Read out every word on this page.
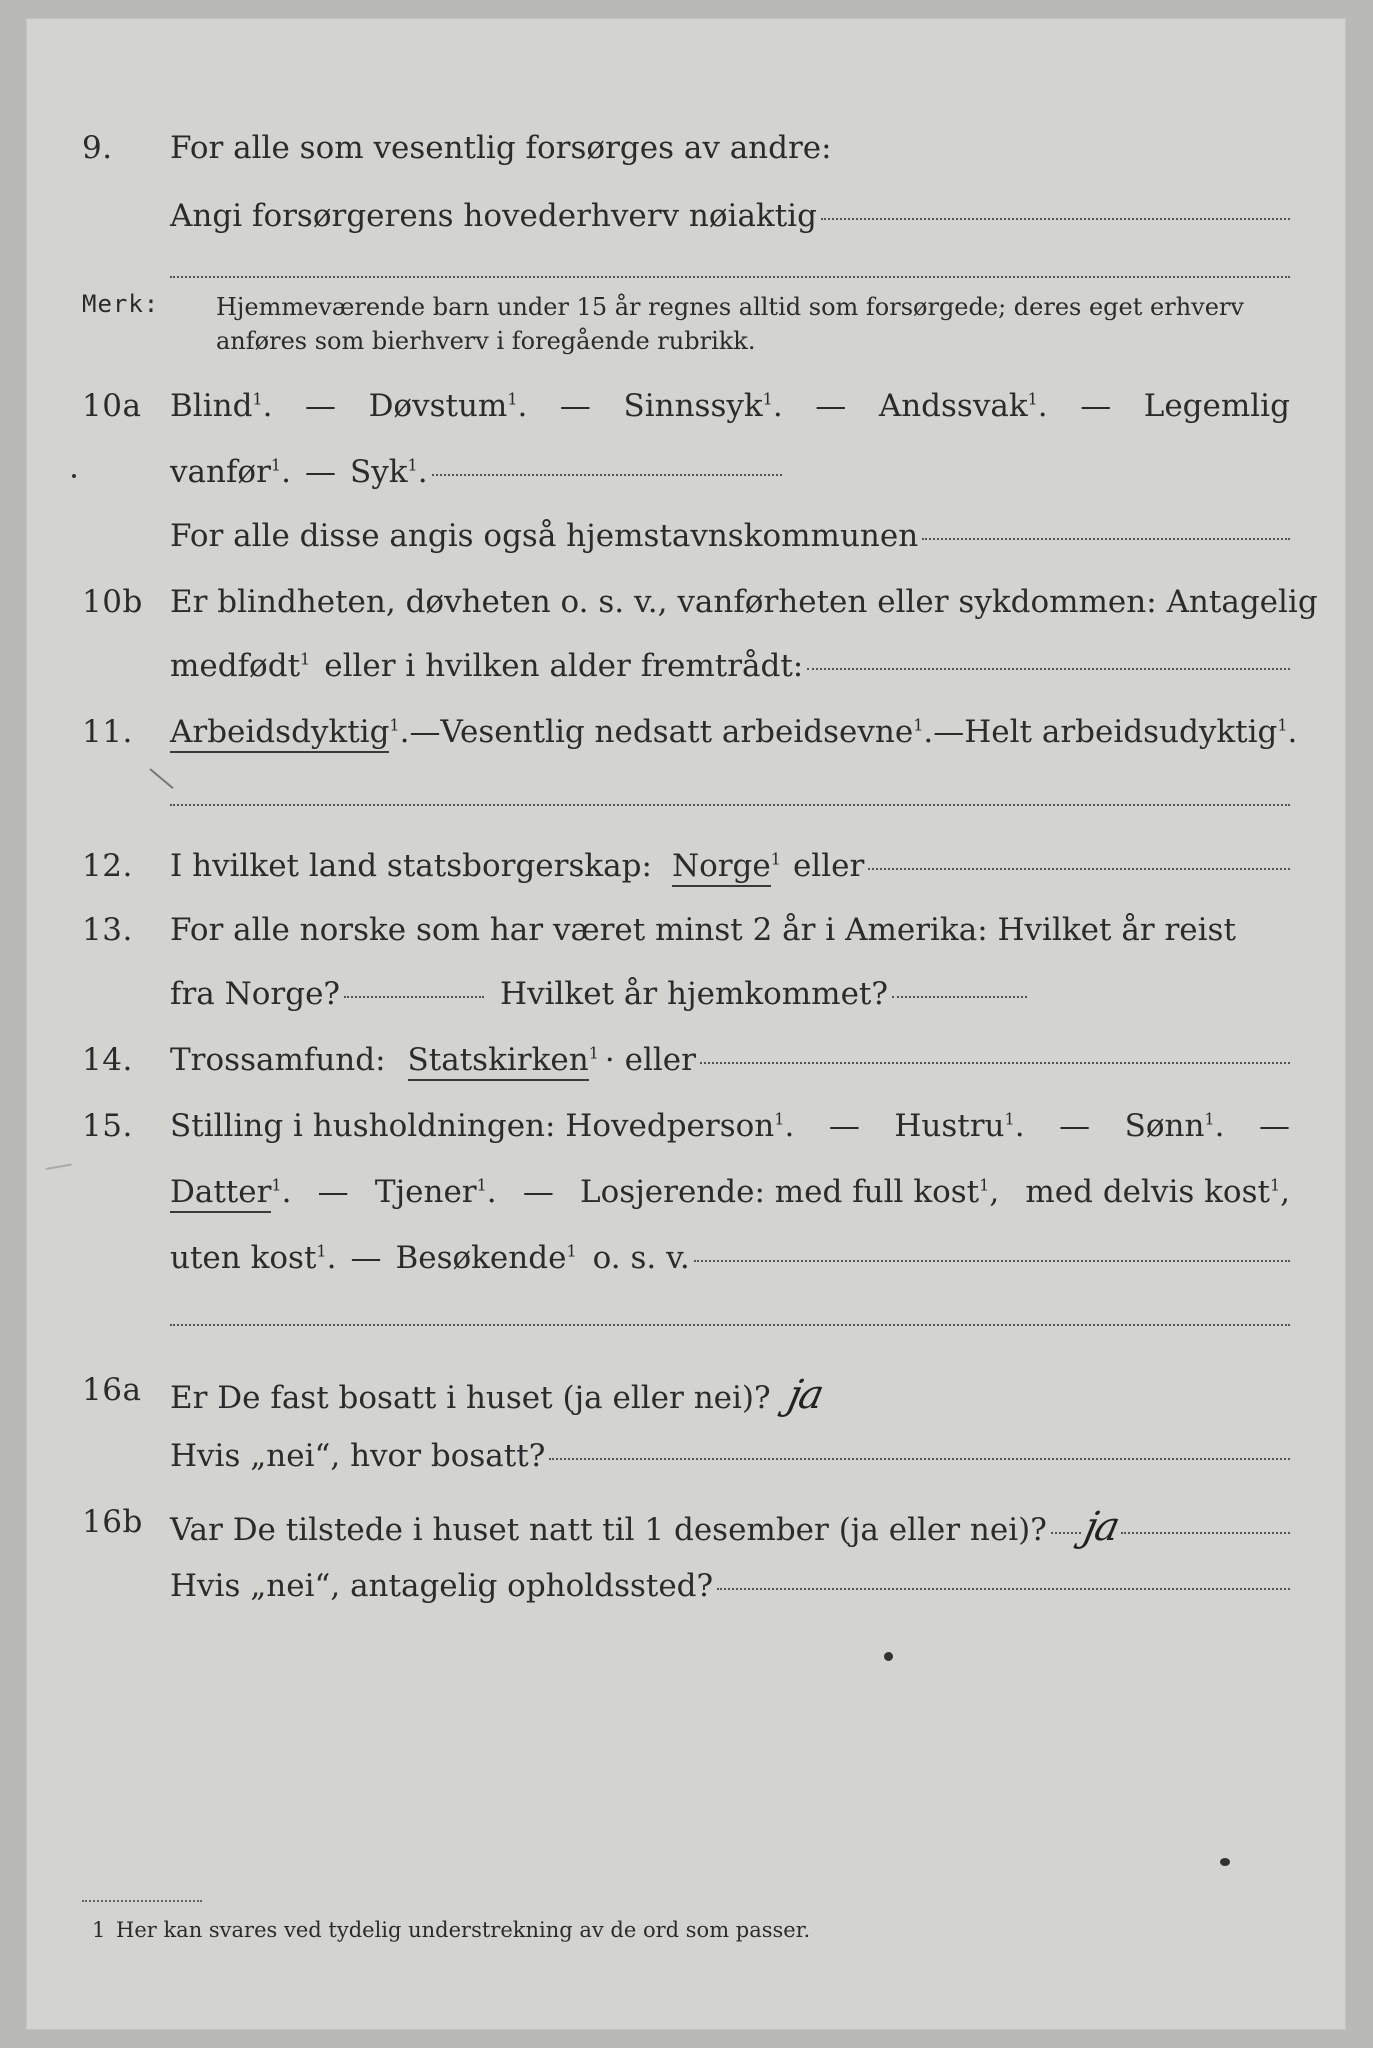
9. For alle som vesentlig forsørges av andre:
Angi forsørgerens hovederhverv nøiaktig
Merk: Hjemmeværende barn under 15 år regnes alltid som forsørgede; deres eget erhverv
anføres som bierhverv i foregående rubrikk.
10a Blind$^1$. — Døvstum$^1$. — Sinnssyk$^1$. — Andssvak$^1$. — Legemlig
vanfør$^1$. — Syk$^1$.
For alle disse angis også hjemstavnskommunen
10b Er blindheten, døvheten o. s. v., vanførheten eller sykdommen: Antagelig
medfødt$^1$ eller i hvilken alder fremtrådt:
11. Arbeidsdyktig$^1$. — Vesentlig nedsatt arbeidsevne$^1$. — Helt arbeidsudyktig$^1$.
12. I hvilket land statsborgerskap: Norge$^1$ eller
13. For alle norske som har været minst 2 år i Amerika: Hvilket år reist
fra Norge?	Hvilket år hjemkommet?
14. Trossamfund: Statskirken$^1$ · eller
15. Stilling i husholdningen: Hovedperson$^1$. — Hustru$^1$. — Sønn$^1$. —
Datter$^1$. — Tjener$^1$. — Losjerende: med full kost$^1$, med delvis kost$^1$,
uten kost$^1$. — Besøkende$^1$ o. s. v.
16a Er De fast bosatt i huset (ja eller nei)? ja
Hvis „nei“, hvor bosatt?
16b Var De tilstede i huset natt til 1 desember (ja eller nei)? ja
Hvis „nei“, antagelig opholdssted?
1 Her kan svares ved tydelig understrekning av de ord som passer.
